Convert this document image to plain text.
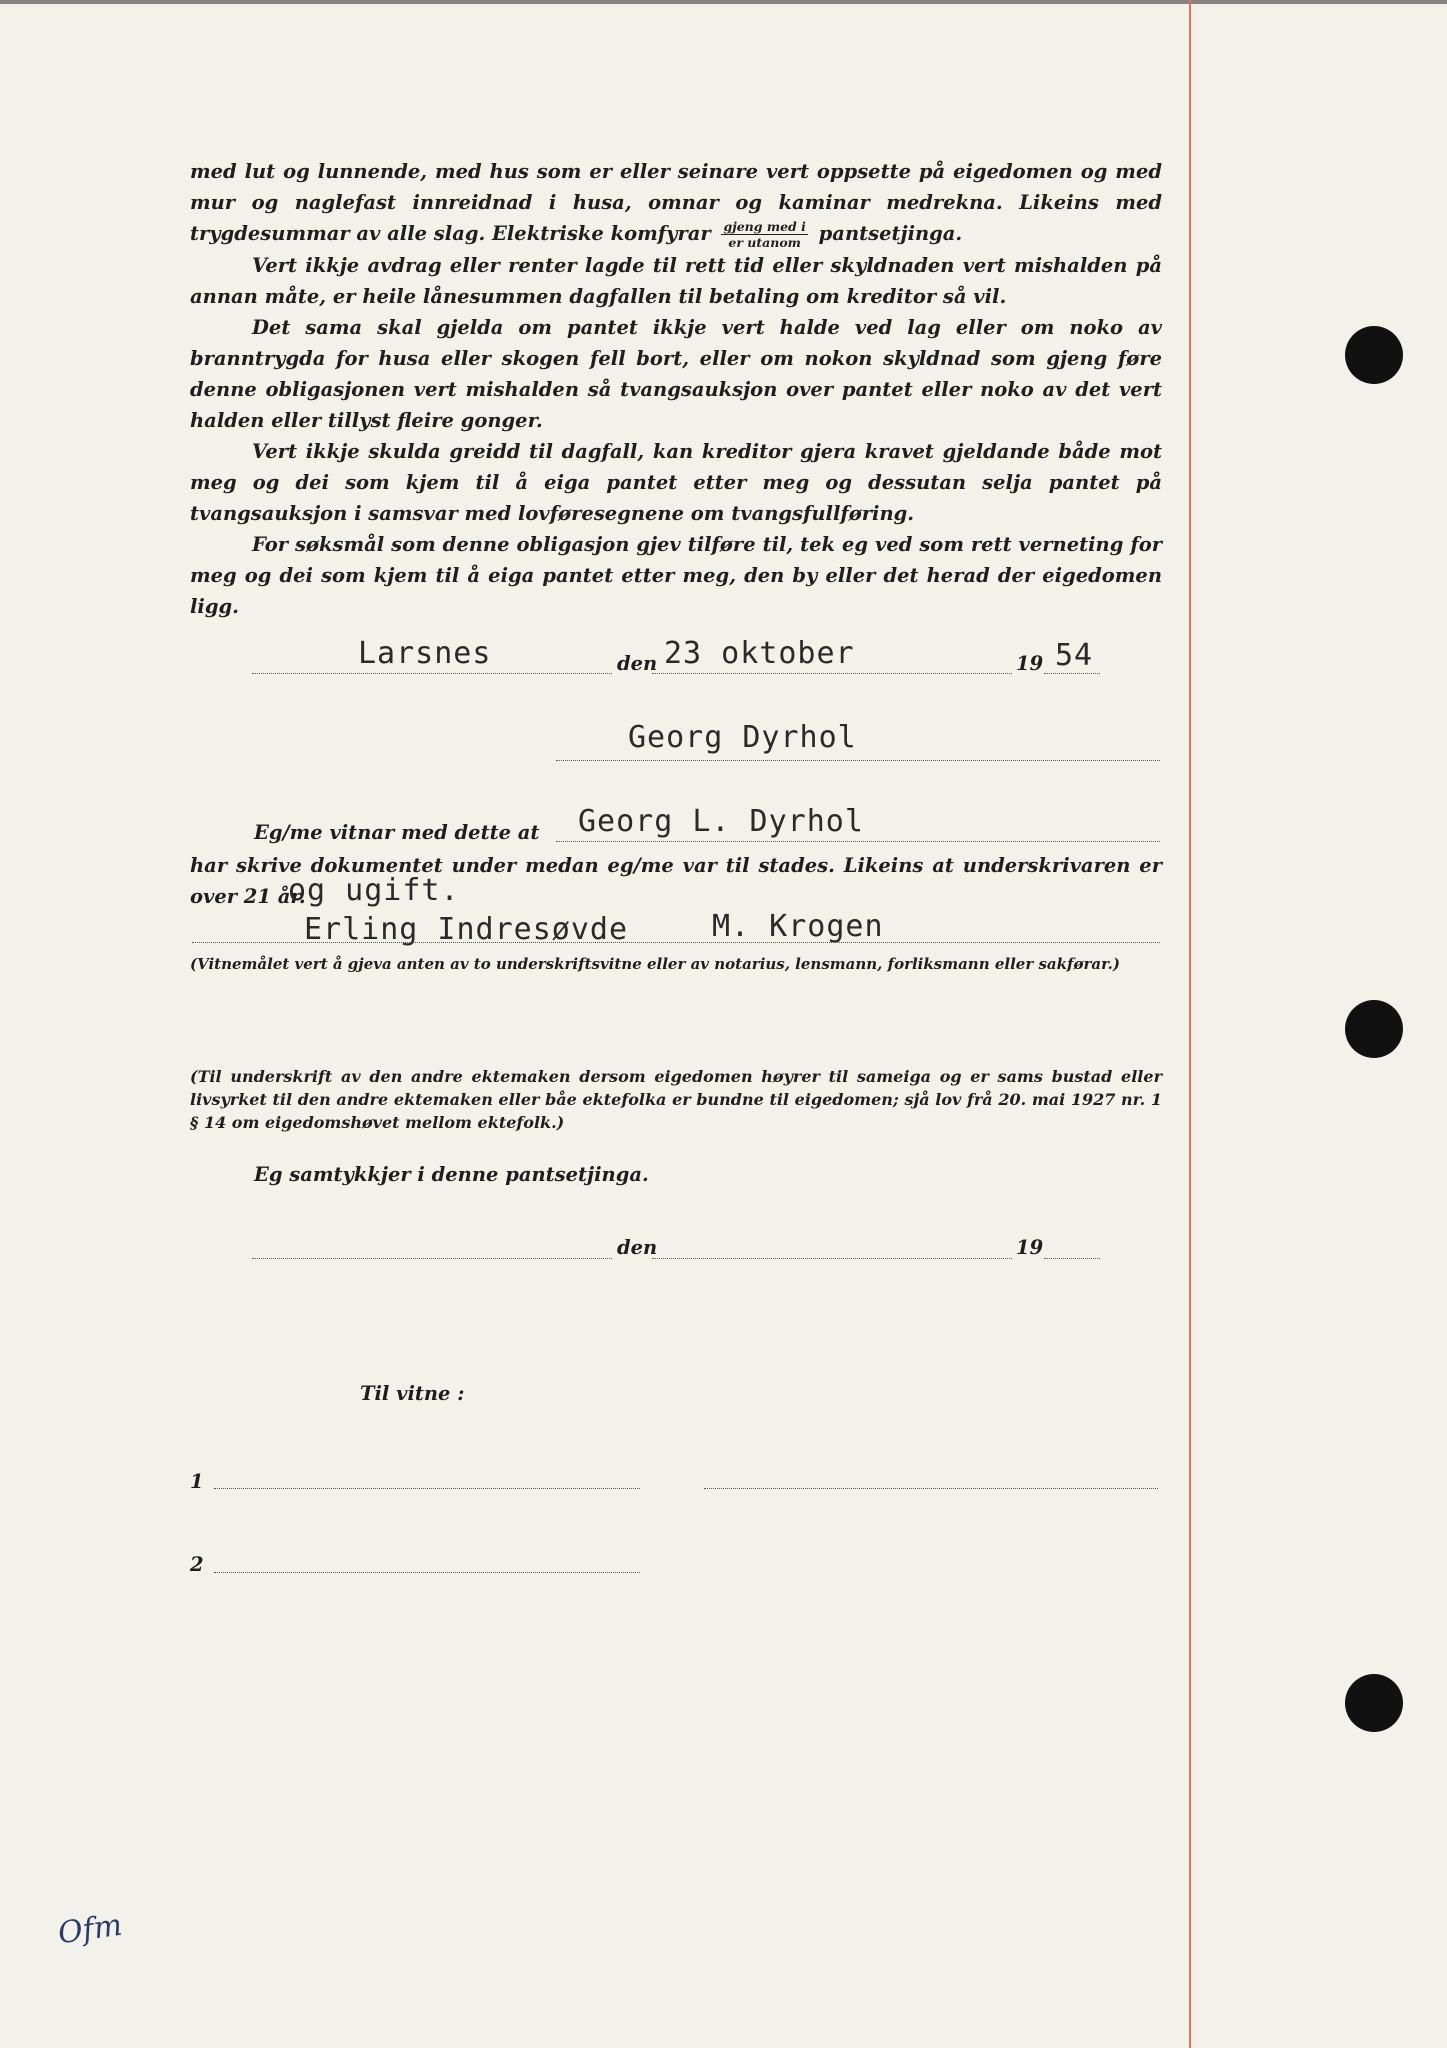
med lut og lunnende, med hus som er eller seinare vert oppsette på eigedomen og med mur og naglefast innreidnad i husa, omnar og kaminar medrekna. Likeins med trygdesummar av alle slag. Elektriske komfyrar $\frac{\text{gjeng med i}}{\text{er utanom}}$ pantsetjinga.

Vert ikkje avdrag eller renter lagde til rett tid eller skyldnaden vert mishalden på annan måte, er heile lånesummen dagfallen til betaling om kreditor så vil.

Det sama skal gjelda om pantet ikkje vert halde ved lag eller om noko av branntrygda for husa eller skogen fell bort, eller om nokon skyldnad som gjeng føre denne obligasjonen vert mishalden så tvangsauksjon over pantet eller noko av det vert halden eller tillyst fleire gonger.

Vert ikkje skulda greidd til dagfall, kan kreditor gjera kravet gjeldande både mot meg og dei som kjem til å eiga pantet etter meg og dessutan selja pantet på tvangsauksjon i samsvar med lovføresegnene om tvangsfullføring.

For søksmål som denne obligasjon gjev tilføre til, tek eg ved som rett verneting for meg og dei som kjem til å eiga pantet etter meg, den by eller det herad der eigedomen ligg.

Larsnes	den 23 oktober	19 54
Georg Dyrhol
Eg/me vitnar med dette at Georg L. Dyrhol
har skrive dokumentet under medan eg/me var til stades. Likeins at underskrivaren er over 21 år.
og ugift.
Erling Indresøvde	M. Krogen
(Vitnemålet vert å gjeva anten av to underskriftsvitne eller av notarius, lensmann, forliksmann eller sakførar.)
(Til underskrift av den andre ektemaken dersom eigedomen høyrer til sameiga og er sams bustad eller livsyrket til den andre ektemaken eller båe ektefolka er bundne til eigedomen; sjå lov frå 20. mai 1927 nr. 1 § 14 om eigedomshøvet mellom ektefolk.)
Eg samtykkjer i denne pantsetjinga.
den	19
Til vitne :
1
2
Ofm
